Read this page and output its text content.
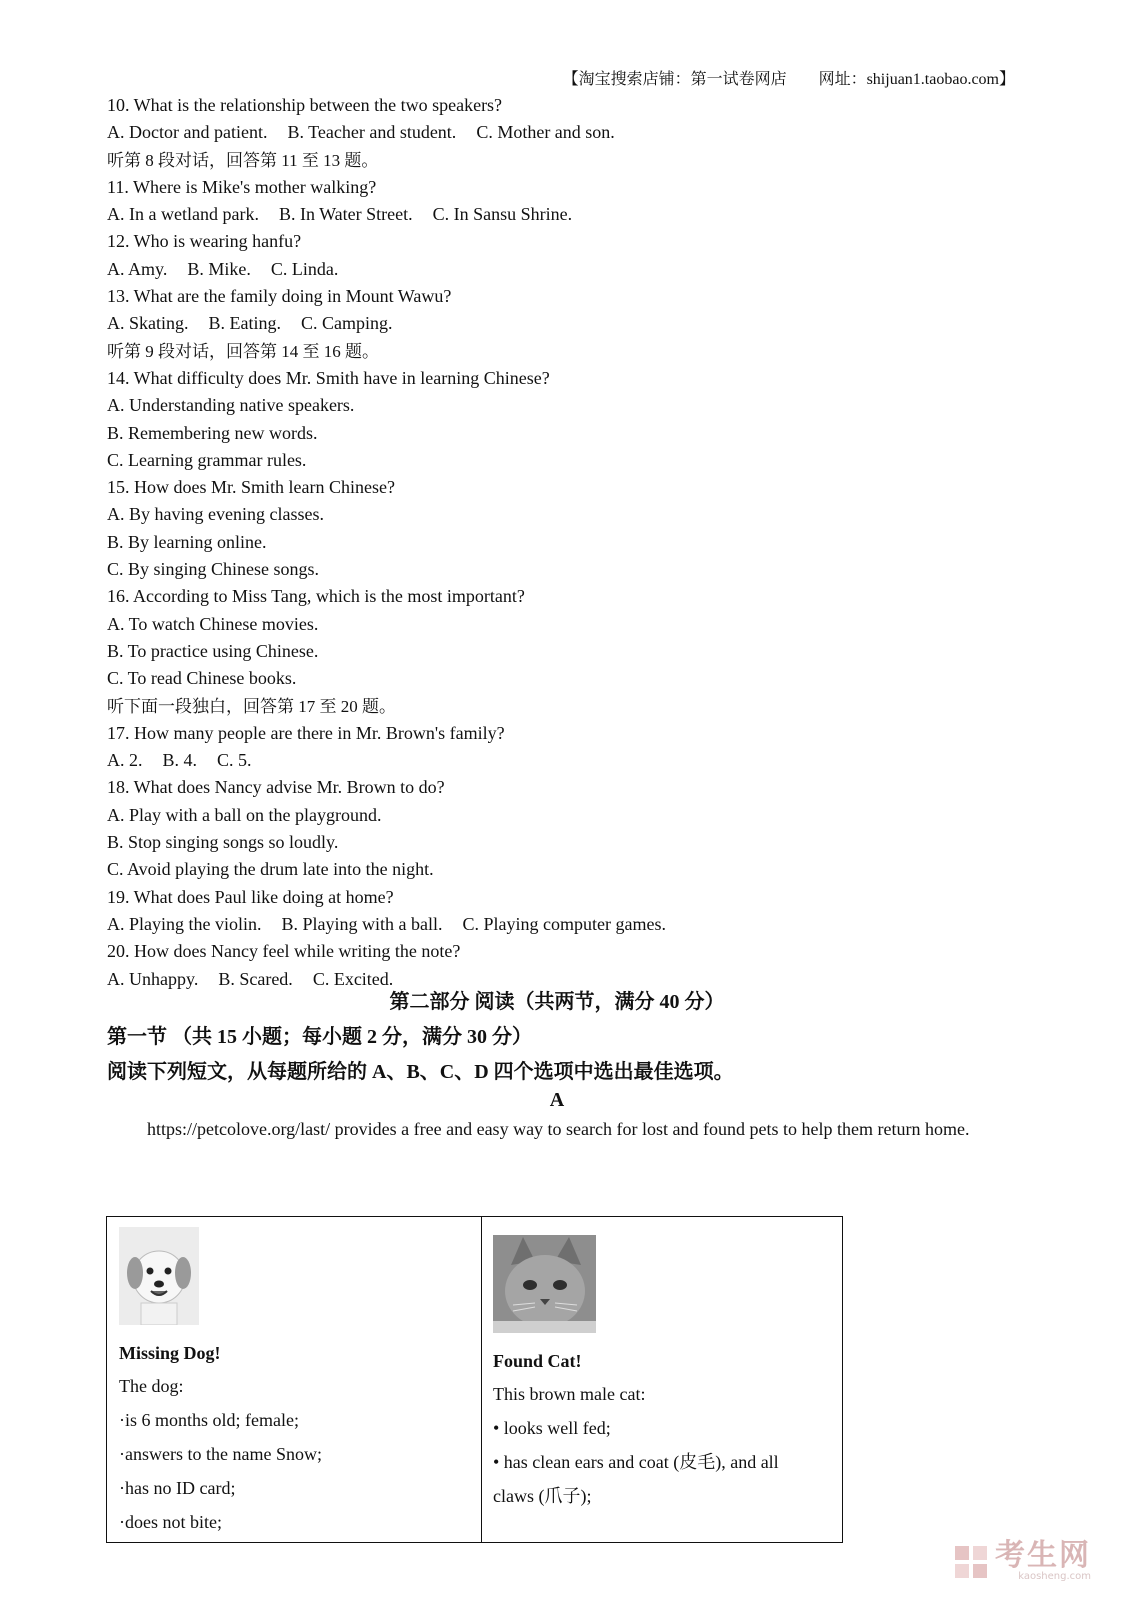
【淘宝搜索店铺：第一试卷网店　　网址：shijuan1.taobao.com】
10. What is the relationship between the two speakers?
A. Doctor and patient. B. Teacher and student. C. Mother and son.
听第 8 段对话，回答第 11 至 13 题。
11. Where is Mike's mother walking?
A. In a wetland park. B. In Water Street. C. In Sansu Shrine.
12. Who is wearing hanfu?
A. Amy. B. Mike. C. Linda.
13. What are the family doing in Mount Wawu?
A. Skating. B. Eating. C. Camping.
听第 9 段对话，回答第 14 至 16 题。
14. What difficulty does Mr. Smith have in learning Chinese?
A. Understanding native speakers.
B. Remembering new words.
C. Learning grammar rules.
15. How does Mr. Smith learn Chinese?
A. By having evening classes.
B. By learning online.
C. By singing Chinese songs.
16. According to Miss Tang, which is the most important?
A. To watch Chinese movies.
B. To practice using Chinese.
C. To read Chinese books.
听下面一段独白，回答第 17 至 20 题。
17. How many people are there in Mr. Brown's family?
A. 2. B. 4. C. 5.
18. What does Nancy advise Mr. Brown to do?
A. Play with a ball on the playground.
B. Stop singing songs so loudly.
C. Avoid playing the drum late into the night.
19. What does Paul like doing at home?
A. Playing the violin. B. Playing with a ball. C. Playing computer games.
20. How does Nancy feel while writing the note?
A. Unhappy. B. Scared. C. Excited.
第二部分 阅读（共两节，满分 40 分）
第一节 （共 15 小题；每小题 2 分，满分 30 分）
阅读下列短文，从每题所给的 A、B、C、D 四个选项中选出最佳选项。
A
https://petcolove.org/last/ provides a free and easy way to search for lost and found pets to help them return home.
Missing Dog!
The dog:
·is 6 months old; female;
·answers to the name Snow;
·has no ID card;
·does not bite;
Found Cat!
This brown male cat:
• looks well fed;
• has clean ears and coat (皮毛), and all
claws (爪子);
考生网
kaosheng.com
